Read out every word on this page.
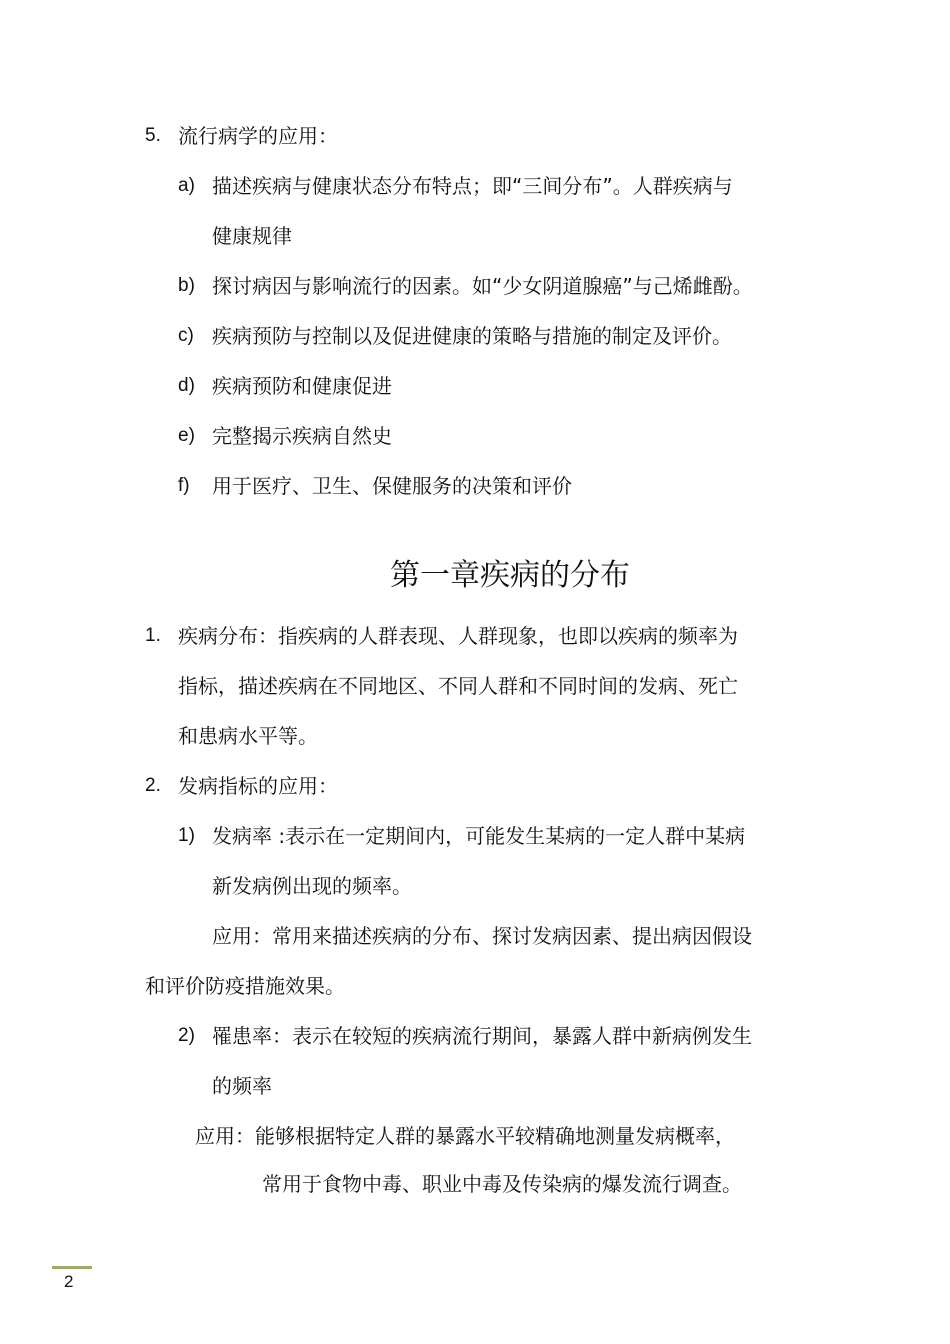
5. 流行病学的应用：
a) 描述疾病与健康状态分布特点；即“三间分布”。人群疾病与
健康规律
b) 探讨病因与影响流行的因素。如“少女阴道腺癌”与己烯雌酚。
c) 疾病预防与控制以及促进健康的策略与措施的制定及评价。
d) 疾病预防和健康促进
e) 完整揭示疾病自然史
f) 用于医疗、卫生、保健服务的决策和评价
第一章疾病的分布
1. 疾病分布：指疾病的人群表现、人群现象，也即以疾病的频率为
指标，描述疾病在不同地区、不同人群和不同时间的发病、死亡
和患病水平等。
2. 发病指标的应用：
1) 发病率 :表示在一定期间内，可能发生某病的一定人群中某病
新发病例出现的频率。
应用：常用来描述疾病的分布、探讨发病因素、提出病因假设
和评价防疫措施效果。
2) 罹患率：表示在较短的疾病流行期间，暴露人群中新病例发生
的频率
应用：能够根据特定人群的暴露水平较精确地测量发病概率，
常用于食物中毒、职业中毒及传染病的爆发流行调查。
2
